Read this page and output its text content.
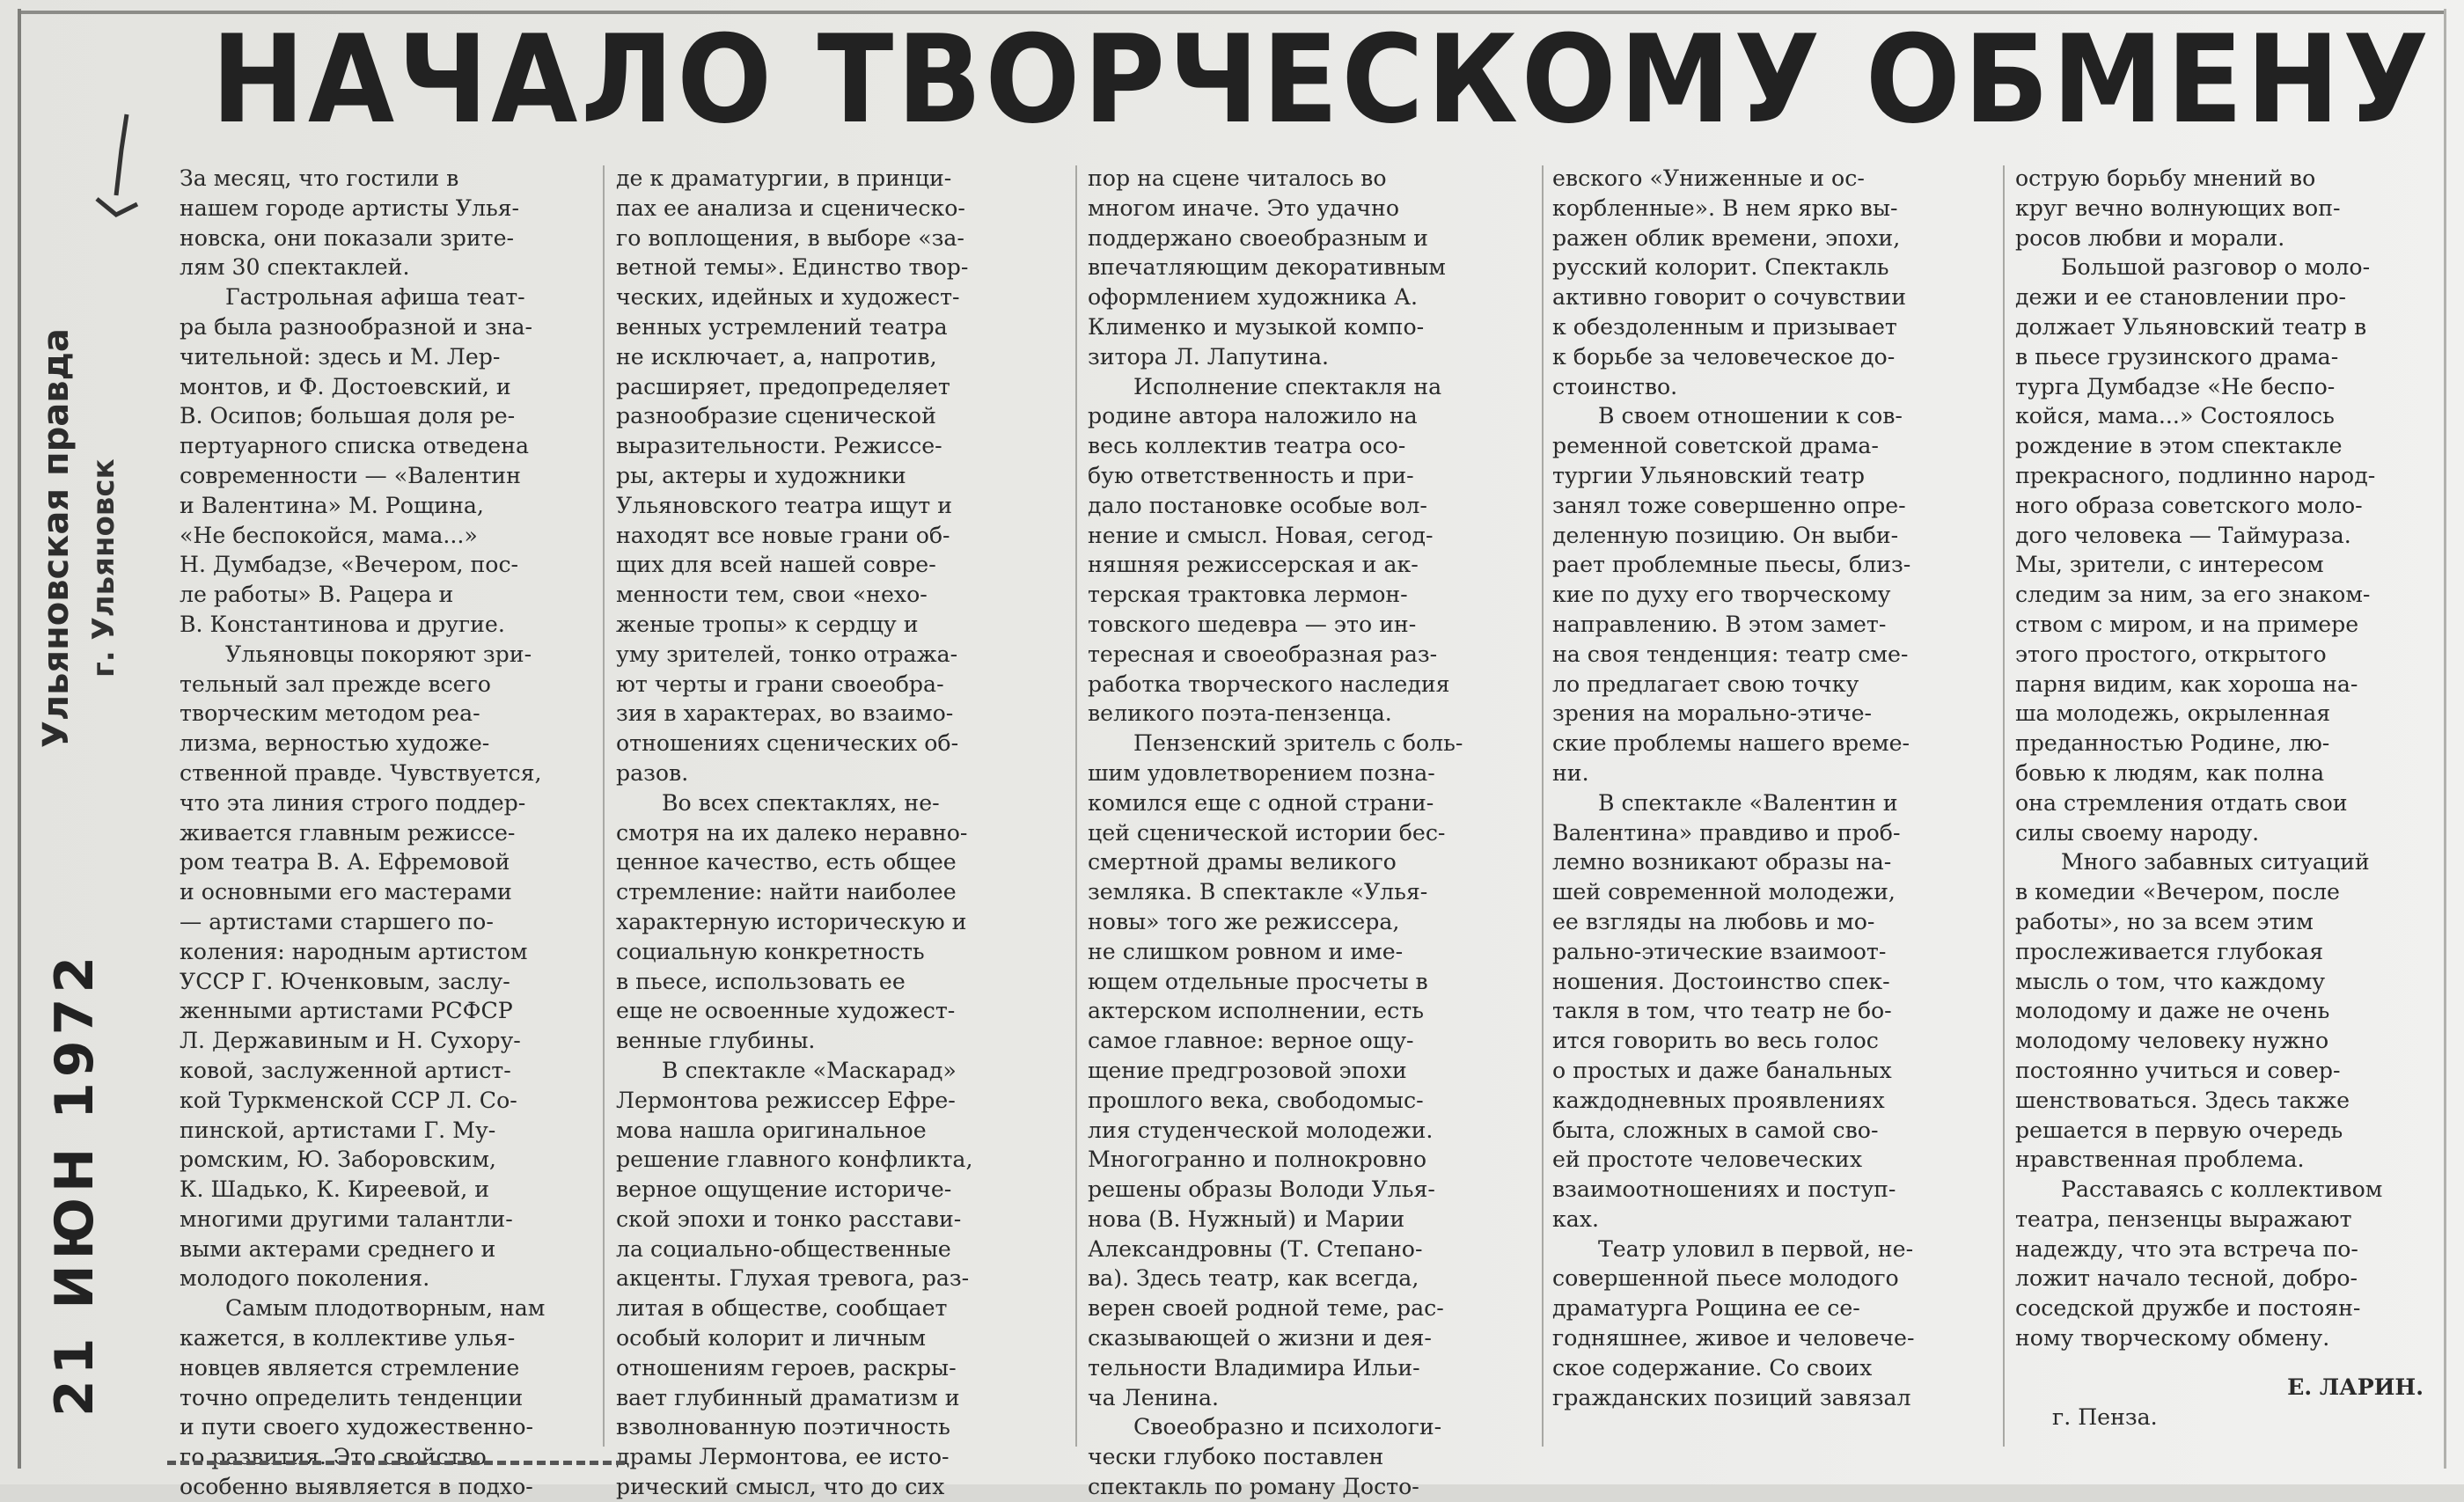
НАЧАЛО ТВОРЧЕСКОМУ ОБМЕНУ
21 ИЮН 1972
Ульяновская правда г. Ульяновск
За месяц, что гостили в
нашем городе артисты Улья-
новска, они показали зрите-
лям 30 спектаклей.
Гастрольная афиша теат-
ра была разнообразной и зна-
чительной: здесь и М. Лер-
монтов, и Ф. Достоевский, и
В. Осипов; большая доля ре-
пертуарного списка отведена
современности — «Валентин
и Валентина» М. Рощина,
«Не беспокойся, мама...»
Н. Думбадзе, «Вечером, пос-
ле работы» В. Рацера и
В. Константинова и другие.
Ульяновцы покоряют зри-
тельный зал прежде всего
творческим методом реа-
лизма, верностью художе-
ственной правде. Чувствуется,
что эта линия строго поддер-
живается главным режиссе-
ром театра В. А. Ефремовой
и основными его мастерами
— артистами старшего по-
коления: народным артистом
УССР Г. Юченковым, заслу-
женными артистами РСФСР
Л. Державиным и Н. Сухору-
ковой, заслуженной артист-
кой Туркменской ССР Л. Со-
пинской, артистами Г. Му-
ромским, Ю. Заборовским,
К. Шадько, К. Киреевой, и
многими другими талантли-
выми актерами среднего и
молодого поколения.
Самым плодотворным, нам
кажется, в коллективе улья-
новцев является стремление
точно определить тенденции
и пути своего художественно-
го развития. Это свойство
особенно выявляется в подхо-
де к драматургии, в принци-
пах ее анализа и сценическо-
го воплощения, в выборе «за-
ветной темы». Единство твор-
ческих, идейных и художест-
венных устремлений театра
не исключает, а, напротив,
расширяет, предопределяет
разнообразие сценической
выразительности. Режиссе-
ры, актеры и художники
Ульяновского театра ищут и
находят все новые грани об-
щих для всей нашей совре-
менности тем, свои «нехо-
женые тропы» к сердцу и
уму зрителей, тонко отража-
ют черты и грани своеобра-
зия в характерах, во взаимо-
отношениях сценических об-
разов.
Во всех спектаклях, не-
смотря на их далеко неравно-
ценное качество, есть общее
стремление: найти наиболее
характерную историческую и
социальную конкретность
в пьесе, использовать ее
еще не освоенные художест-
венные глубины.
В спектакле «Маскарад»
Лермонтова режиссер Ефре-
мова нашла оригинальное
решение главного конфликта,
верное ощущение историче-
ской эпохи и тонко расстави-
ла социально-общественные
акценты. Глухая тревога, раз-
литая в обществе, сообщает
особый колорит и личным
отношениям героев, раскры-
вает глубинный драматизм и
взволнованную поэтичность
драмы Лермонтова, ее исто-
рический смысл, что до сих
пор на сцене читалось во
многом иначе. Это удачно
поддержано своеобразным и
впечатляющим декоративным
оформлением художника А.
Клименко и музыкой компо-
зитора Л. Лапутина.
Исполнение спектакля на
родине автора наложило на
весь коллектив театра осо-
бую ответственность и при-
дало постановке особые вол-
нение и смысл. Новая, сегод-
няшняя режиссерская и ак-
терская трактовка лермон-
товского шедевра — это ин-
тересная и своеобразная раз-
работка творческого наследия
великого поэта-пензенца.
Пензенский зритель с боль-
шим удовлетворением позна-
комился еще с одной страни-
цей сценической истории бес-
смертной драмы великого
земляка. В спектакле «Улья-
новы» того же режиссера,
не слишком ровном и име-
ющем отдельные просчеты в
актерском исполнении, есть
самое главное: верное ощу-
щение предгрозовой эпохи
прошлого века, свободомыс-
лия студенческой молодежи.
Многогранно и полнокровно
решены образы Володи Улья-
нова (В. Нужный) и Марии
Александровны (Т. Степано-
ва). Здесь театр, как всегда,
верен своей родной теме, рас-
сказывающей о жизни и дея-
тельности Владимира Ильи-
ча Ленина.
Своеобразно и психологи-
чески глубоко поставлен
спектакль по роману Досто-
евского «Униженные и ос-
корбленные». В нем ярко вы-
ражен облик времени, эпохи,
русский колорит. Спектакль
активно говорит о сочувствии
к обездоленным и призывает
к борьбе за человеческое до-
стоинство.
В своем отношении к сов-
ременной советской драма-
тургии Ульяновский театр
занял тоже совершенно опре-
деленную позицию. Он выби-
рает проблемные пьесы, близ-
кие по духу его творческому
направлению. В этом замет-
на своя тенденция: театр сме-
ло предлагает свою точку
зрения на морально-этиче-
ские проблемы нашего време-
ни.
В спектакле «Валентин и
Валентина» правдиво и проб-
лемно возникают образы на-
шей современной молодежи,
ее взгляды на любовь и мо-
рально-этические взаимоот-
ношения. Достоинство спек-
такля в том, что театр не бо-
ится говорить во весь голос
о простых и даже банальных
каждодневных проявлениях
быта, сложных в самой сво-
ей простоте человеческих
взаимоотношениях и поступ-
ках.
Театр уловил в первой, не-
совершенной пьесе молодого
драматурга Рощина ее се-
годняшнее, живое и человече-
ское содержание. Со своих
гражданских позиций завязал
острую борьбу мнений во
круг вечно волнующих воп-
росов любви и морали.
Большой разговор о моло-
дежи и ее становлении про-
должает Ульяновский театр в
в пьесе грузинского драма-
турга Думбадзе «Не беспо-
койся, мама...» Состоялось
рождение в этом спектакле
прекрасного, подлинно народ-
ного образа советского моло-
дого человека — Таймураза.
Мы, зрители, с интересом
следим за ним, за его знаком-
ством с миром, и на примере
этого простого, открытого
парня видим, как хороша на-
ша молодежь, окрыленная
преданностью Родине, лю-
бовью к людям, как полна
она стремления отдать свои
силы своему народу.
Много забавных ситуаций
в комедии «Вечером, после
работы», но за всем этим
прослеживается глубокая
мысль о том, что каждому
молодому и даже не очень
молодому человеку нужно
постоянно учиться и совер-
шенствоваться. Здесь также
решается в первую очередь
нравственная проблема.
Расставаясь с коллективом
театра, пензенцы выражают
надежду, что эта встреча по-
ложит начало тесной, добро-
соседской дружбе и постоян-
ному творческому обмену.
Е. ЛАРИН.
г. Пенза.
